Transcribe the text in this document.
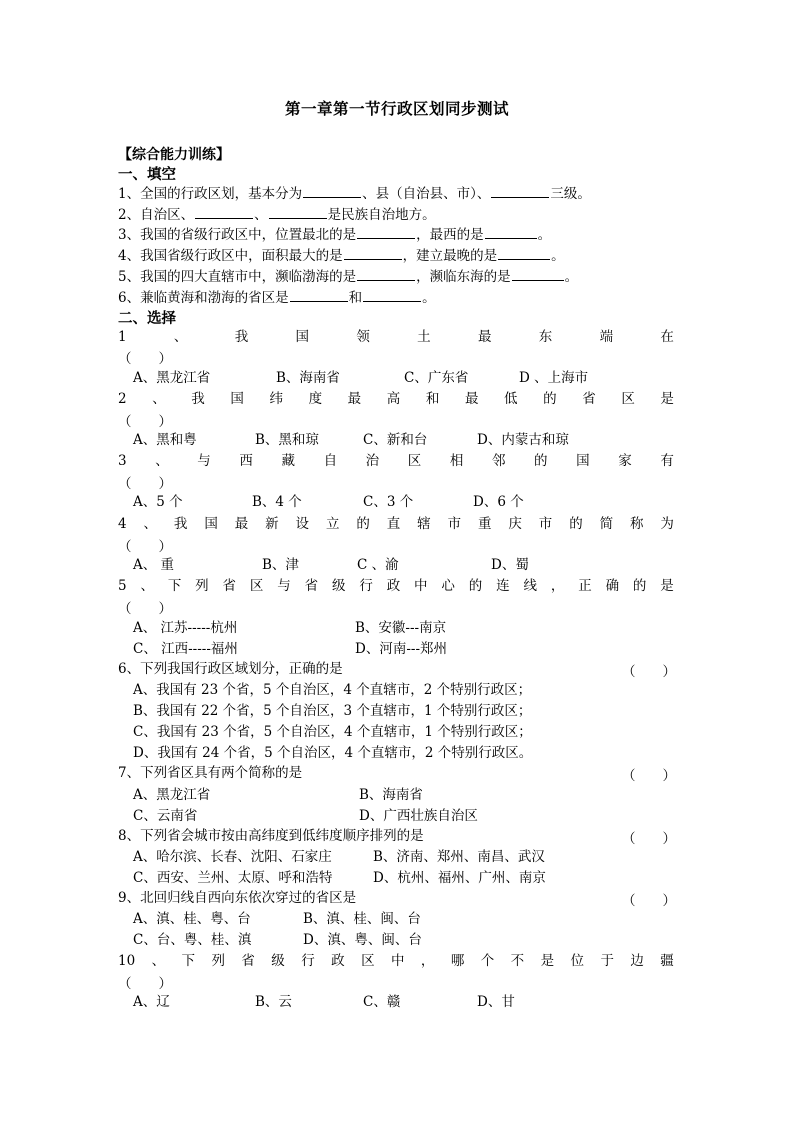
第一章第一节行政区划同步测试
【综合能力训练】
一、填空
1、全国的行政区划，基本分为	、县（自治县、市）、	三级。
2、自治区、	、	是民族自治地方。
3、我国的省级行政区中，位置最北的是	，最西的是	。
4、我国省级行政区中，面积最大的是	，建立最晚的是	。
5、我国的四大直辖市中，濒临渤海的是	，濒临东海的是	。
6、兼临黄海和渤海的省区是	和	。
二、选择
1	、	我	国	领	土	最	东	端	在
（　　）
A、黑龙江省	B、海南省	C、广东省	D 、上海市
2 、 我 国 纬 度 最 高 和 最 低 的 省 区 是
（　　）
A、黑和粤	B、黑和琼	C、新和台	D、内蒙古和琼
3 、 与 西 藏 自 治 区 相 邻 的 国 家 有
（　　）
A、5 个	B、4 个	C、3 个	D、6 个
4 、 我 国 最 新 设 立 的 直 辖 市 重 庆 市 的 简 称 为
（　　）
A、 重	B、津	C 、渝	D、蜀
5 、 下 列 省 区 与 省 级 行 政 中 心 的 连 线 ， 正 确 的 是
（　　）
A、 江苏-----杭州	B、安徽---南京
C、 江西-----福州	D、河南---郑州
6、下列我国行政区域划分，正确的是	（　　）
A、我国有 23 个省，5 个自治区，4 个直辖市，2 个特别行政区；
B、我国有 22 个省，5 个自治区，3 个直辖市，1 个特别行政区；
C、我国有 23 个省，5 个自治区，4 个直辖市，1 个特别行政区；
D、我国有 24 个省，5 个自治区，4 个直辖市，2 个特别行政区。
7、下列省区具有两个简称的是	（　　）
A、黑龙江省	B、海南省
C、云南省	D、广西壮族自治区
8、下列省会城市按由高纬度到低纬度顺序排列的是	（　　）
A、哈尔滨、长春、沈阳、石家庄	B、济南、郑州、南昌、武汉
C、西安、兰州、太原、呼和浩特	D、杭州、福州、广州、南京
9、北回归线自西向东依次穿过的省区是	（　　）
A、滇、桂、粤、台	B、滇、桂、闽、台
C、台、粤、桂、滇	D、滇、粤、闽、台
10 、 下 列 省 级 行 政 区 中 ， 哪 个 不 是 位 于 边 疆
（　　）
A、辽	B、云	C、赣	D、甘
